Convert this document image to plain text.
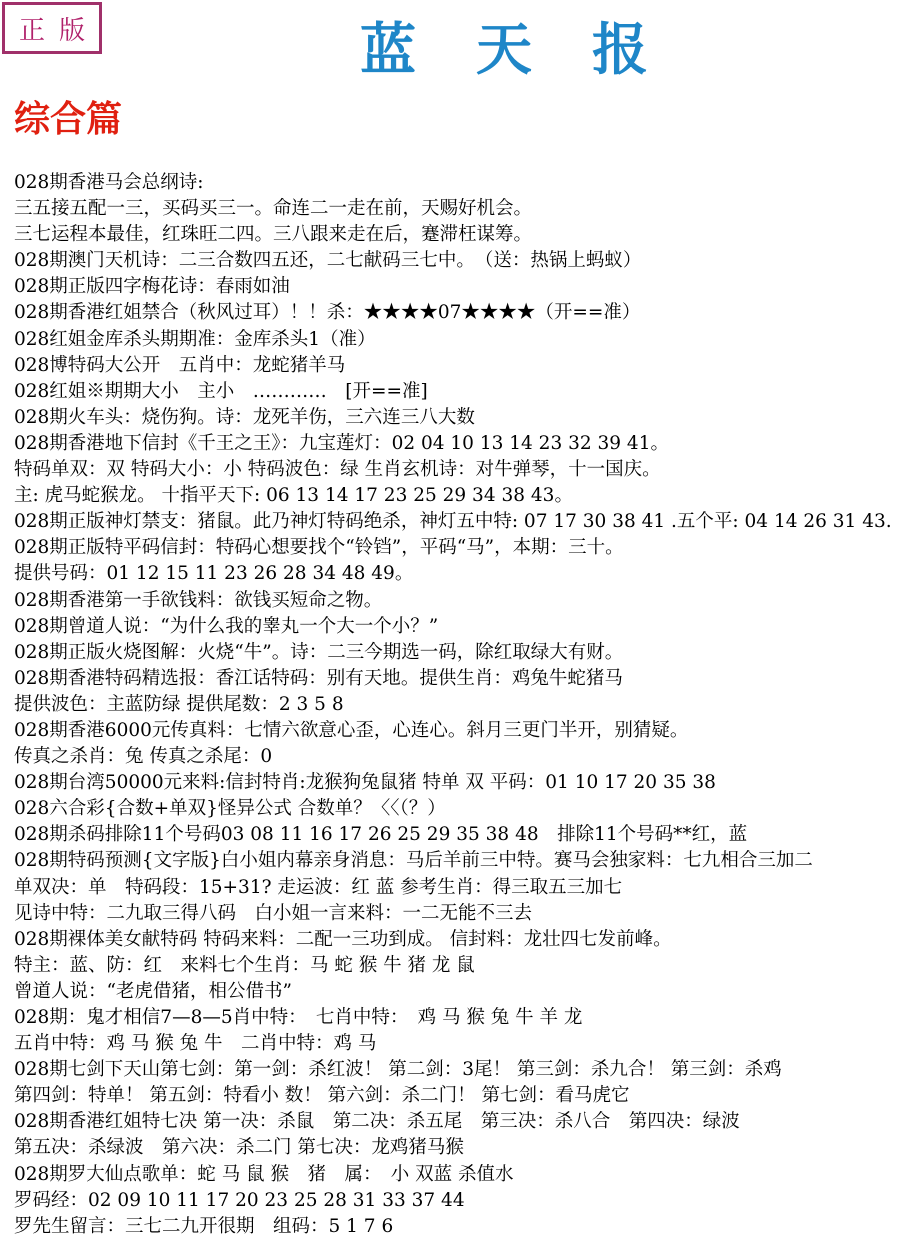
正版	蓝天报
综合篇
028期香港马会总纲诗:
三五接五配一三，买码买三一。命连二一走在前，天赐好机会。
三七运程本最佳，红珠旺二四。三八跟来走在后，蹇滞枉谋筹。
028期澳门天机诗：二三合数四五还，二七献码三七中。　（送：热锅上蚂蚁）
028期正版四字梅花诗：春雨如油
028期香港红姐禁合（秋风过耳）！！杀：★★★★07★★★★（开==准）
028红姐金库杀头期期准：金库杀头1（准）
028博特码大公开　五肖中：龙蛇猪羊马
028红姐※期期大小　主小　…………　[开==准]
028期火车头：烧伤狗。诗：龙死羊伤，三六连三八大数
028期香港地下信封《千王之王》：九宝莲灯：02 04 10 13 14 23 32 39 41。
特码单双：双 特码大小：小 特码波色：绿 生肖玄机诗：对牛弹琴，十一国庆。
主: 虎马蛇猴龙。 十指平天下: 06 13 14 17 23 25 29 34 38 43。
028期正版神灯禁支：猪鼠。此乃神灯特码绝杀，神灯五中特: 07 17 30 38 41 .五个平: 04 14 26 31 43.
028期正版特平码信封：特码心想要找个“铃铛”，平码“马”，本期：三十。
提供号码：01 12 15 11 23 26 28 34 48 49。
028期香港第一手欲钱料：欲钱买短命之物。
028期曾道人说：“为什么我的睾丸一个大一个小？”
028期正版火烧图解：火烧“牛”。诗：二三今期选一码，除红取绿大有财。
028期香港特码精选报：香江话特码：别有天地。提供生肖：鸡兔牛蛇猪马
提供波色：主蓝防绿 提供尾数：2 3 5 8
028期香港6000元传真料：七情六欲意心歪，心连心。斜月三更门半开，别猜疑。
传真之杀肖：兔 传真之杀尾：0
028期台湾50000元来料:信封特肖:龙猴狗兔鼠猪 特单 双 平码：01 10 17 20 35 38
028六合彩{合数+单双}怪异公式 合数单？〈〈（？）
028期杀码排除11个号码03 08 11 16 17 26 25 29 35 38 48　排除11个号码**红，蓝
028期特码预测{文字版}白小姐内幕亲身消息：马后羊前三中特。赛马会独家料：七九相合三加二
单双决：单　特码段：15+31? 走运波：红 蓝 参考生肖：得三取五三加七
见诗中特：二九取三得八码　白小姐一言来料：一二无能不三去
028期裸体美女献特码 特码来料：二配一三功到成。 信封料：龙壮四七发前峰。
特主：蓝、防：红　来料七个生肖：马 蛇 猴 牛 猪 龙 鼠
曾道人说：“老虎借猪，相公借书”
028期：鬼才相信7—8—5肖中特：　七肖中特：　鸡 马 猴 兔 牛 羊 龙
五肖中特：鸡 马 猴 兔 牛　二肖中特：鸡 马
028期七剑下天山第七剑：第一剑：杀红波！ 第二剑：3尾！ 第三剑：杀九合！ 第三剑：杀鸡
第四剑：特单！ 第五剑：特看小 数！ 第六剑：杀二门！ 第七剑：看马虎它
028期香港红姐特七决 第一决：杀鼠　第二决：杀五尾　第三决：杀八合　第四决：绿波
第五决：杀绿波　第六决：杀二门 第七决：龙鸡猪马猴
028期罗大仙点歌单：蛇 马 鼠 猴　猪　属：　小 双蓝 杀值水
罗码经：02 09 10 11 17 20 23 25 28 31 33 37 44
罗先生留言：三七二九开很期　组码：5 1 7 6
